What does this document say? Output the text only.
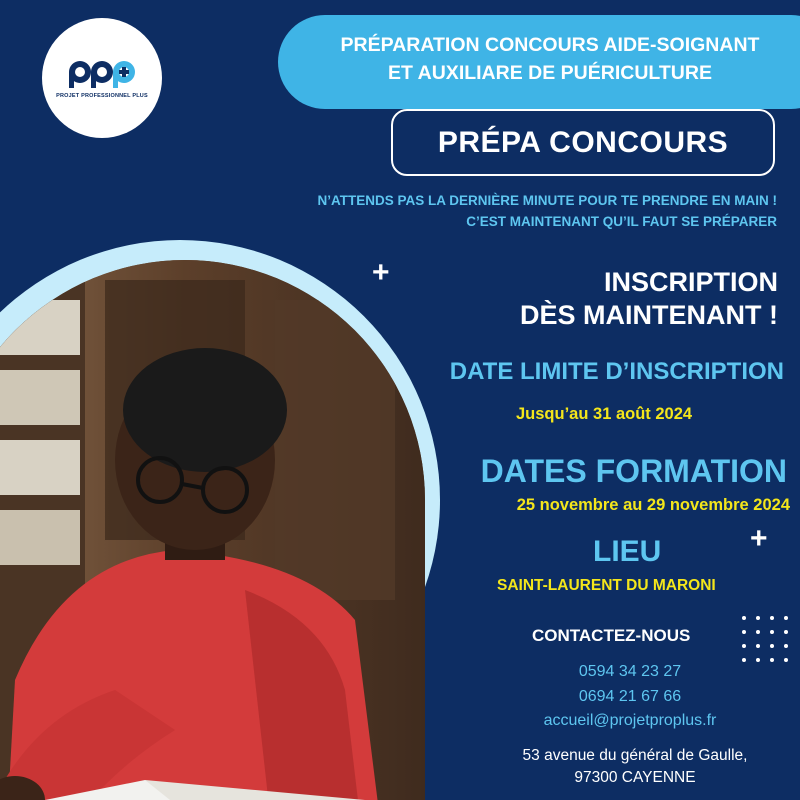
PROJET PROFESSIONNEL PLUS
PRÉPARATION CONCOURS AIDE-SOIGNANT
ET AUXILIARE DE PUÉRICULTURE
PRÉPA CONCOURS
N’ATTENDS PAS LA DERNIÈRE MINUTE POUR TE PRENDRE EN MAIN !
C’EST MAINTENANT QU’IL FAUT SE PRÉPARER
+
+
INSCRIPTION
DÈS MAINTENANT !
DATE LIMITE D’INSCRIPTION
Jusqu’au 31 août 2024
DATES FORMATION
25 novembre au 29 novembre 2024
LIEU
SAINT-LAURENT DU MARONI
CONTACTEZ-NOUS
0594 34 23 27
0694 21 67 66
accueil@projetproplus.fr
53 avenue du général de Gaulle,
97300 CAYENNE
